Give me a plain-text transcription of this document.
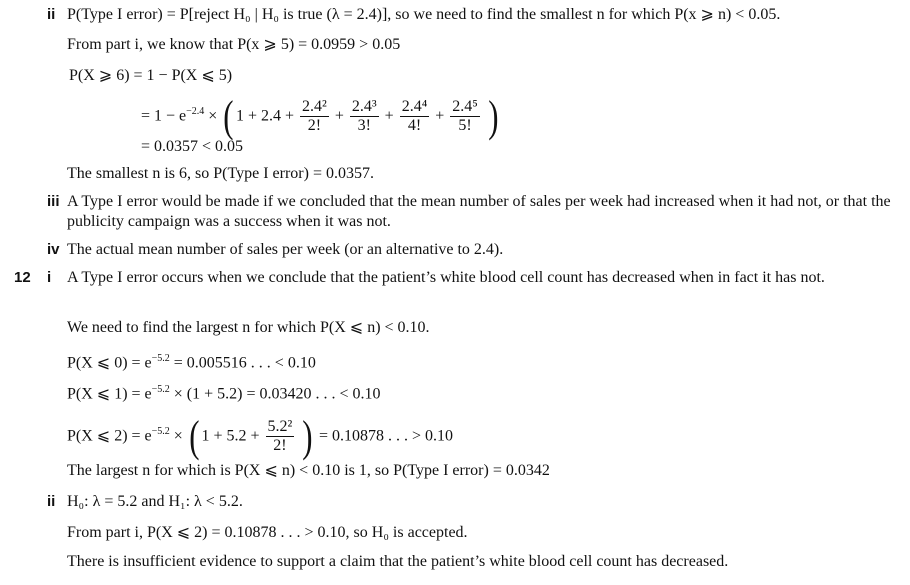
ii P(Type I error) = P[reject H₀ | H₀ is true (λ = 2.4)], so we need to find the smallest n for which P(x ⩾ n) < 0.05.
From part i, we know that P(x ⩾ 5) = 0.0959 > 0.05
P(X ⩾ 6) = 1 − P(X ⩽ 5)
= $1 - e^{-2.4}$ × ( $1 + 2.4 + \frac{\text{2.4²}}{2!} + \frac{\text{2.4³}}{3!} + \frac{\text{2.4⁴}}{4!} + \frac{\text{2.4⁵}}{5!}$ )
= 0.0357 < 0.05
The smallest n is 6, so P(Type I error) = 0.0357.
iii A Type I error would be made if we concluded that the mean number of sales per week had increased when it had not, or that the publicity campaign was a success when it was not.
iv The actual mean number of sales per week (or an alternative to 2.4).
12 i A Type I error occurs when we conclude that the patient’s white blood cell count has decreased when in fact it has not.
We need to find the largest n for which P(X ⩽ n) < 0.10.
P(X ⩽ $0) = e^{-5.2} = 0.005516$ . . . < 0.10
P(X ⩽ $1) = e^{-5.2} \times (1 + 5.2) = 0.03420$ . . . < 0.10
P(X ⩽ $2) = e^{-5.2}$ × ( $1 + 5.2 + \frac{\text{5.2²}}{2!}$ ) = 0.10878 . . . > 0.10
The largest n for which is P(X ⩽ n) < 0.10 is 1, so P(Type I error) = 0.0342
ii H₀: λ = 5.2 and H₁: λ < 5.2.
From part i, P(X ⩽ 2) = 0.10878 . . . > 0.10, so H₀ is accepted.
There is insufficient evidence to support a claim that the patient’s white blood cell count has decreased.
